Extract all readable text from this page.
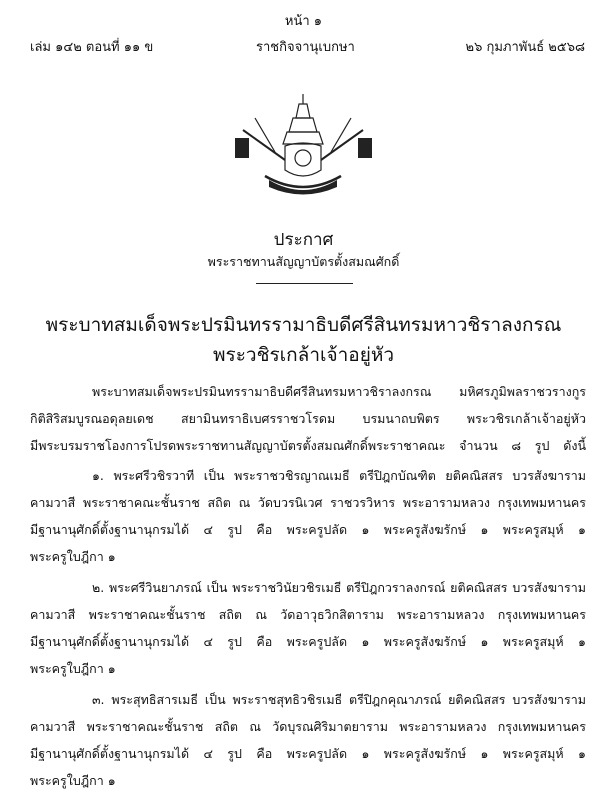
หน้า ๑
เล่ม ๑๔๒ ตอนที่ ๑๑ ข	ราชกิจจานุเบกษา	๒๖ กุมภาพันธ์ ๒๕๖๘
ประกาศ
พระราชทานสัญญาบัตรตั้งสมณศักดิ์
พระบาทสมเด็จพระปรมินทรรามาธิบดีศรีสินทรมหาวชิราลงกรณ
พระวชิรเกล้าเจ้าอยู่หัว
พระบาทสมเด็จพระปรมินทรรามาธิบดีศรีสินทรมหาวชิราลงกรณ มหิศรภูมิพลราชวรางกูร
กิติสิริสมบูรณอดุลยเดช สยามินทราธิเบศรราชวโรดม บรมนาถบพิตร พระวชิรเกล้าเจ้าอยู่หัว
มีพระบรมราชโองการโปรดพระราชทานสัญญาบัตรตั้งสมณศักดิ์พระราชาคณะ จำนวน ๘ รูป ดังนี้
๑. พระศรีวชิรวาที เป็น พระราชวชิรญาณเมธี ตรีปิฎกบัณฑิต ยติคณิสสร บวรสังฆาราม
คามวาสี พระราชาคณะชั้นราช สถิต ณ วัดบวรนิเวศ ราชวรวิหาร พระอารามหลวง กรุงเทพมหานคร
มีฐานานุศักดิ์ตั้งฐานานุกรมได้ ๔ รูป คือ พระครูปลัด ๑ พระครูสังฆรักษ์ ๑ พระครูสมุห์ ๑
พระครูใบฎีกา ๑
๒. พระศรีวินยาภรณ์ เป็น พระราชวินัยวชิรเมธี ตรีปิฎกวราลงกรณ์ ยติคณิสสร บวรสังฆาราม
คามวาสี พระราชาคณะชั้นราช สถิต ณ วัดอาวุธวิกสิตาราม พระอารามหลวง กรุงเทพมหานคร
มีฐานานุศักดิ์ตั้งฐานานุกรมได้ ๔ รูป คือ พระครูปลัด ๑ พระครูสังฆรักษ์ ๑ พระครูสมุห์ ๑
พระครูใบฎีกา ๑
๓. พระสุทธิสารเมธี เป็น พระราชสุทธิวชิรเมธี ตรีปิฎกคุณาภรณ์ ยติคณิสสร บวรสังฆาราม
คามวาสี พระราชาคณะชั้นราช สถิต ณ วัดบุรณศิริมาตยาราม พระอารามหลวง กรุงเทพมหานคร
มีฐานานุศักดิ์ตั้งฐานานุกรมได้ ๔ รูป คือ พระครูปลัด ๑ พระครูสังฆรักษ์ ๑ พระครูสมุห์ ๑
พระครูใบฎีกา ๑
